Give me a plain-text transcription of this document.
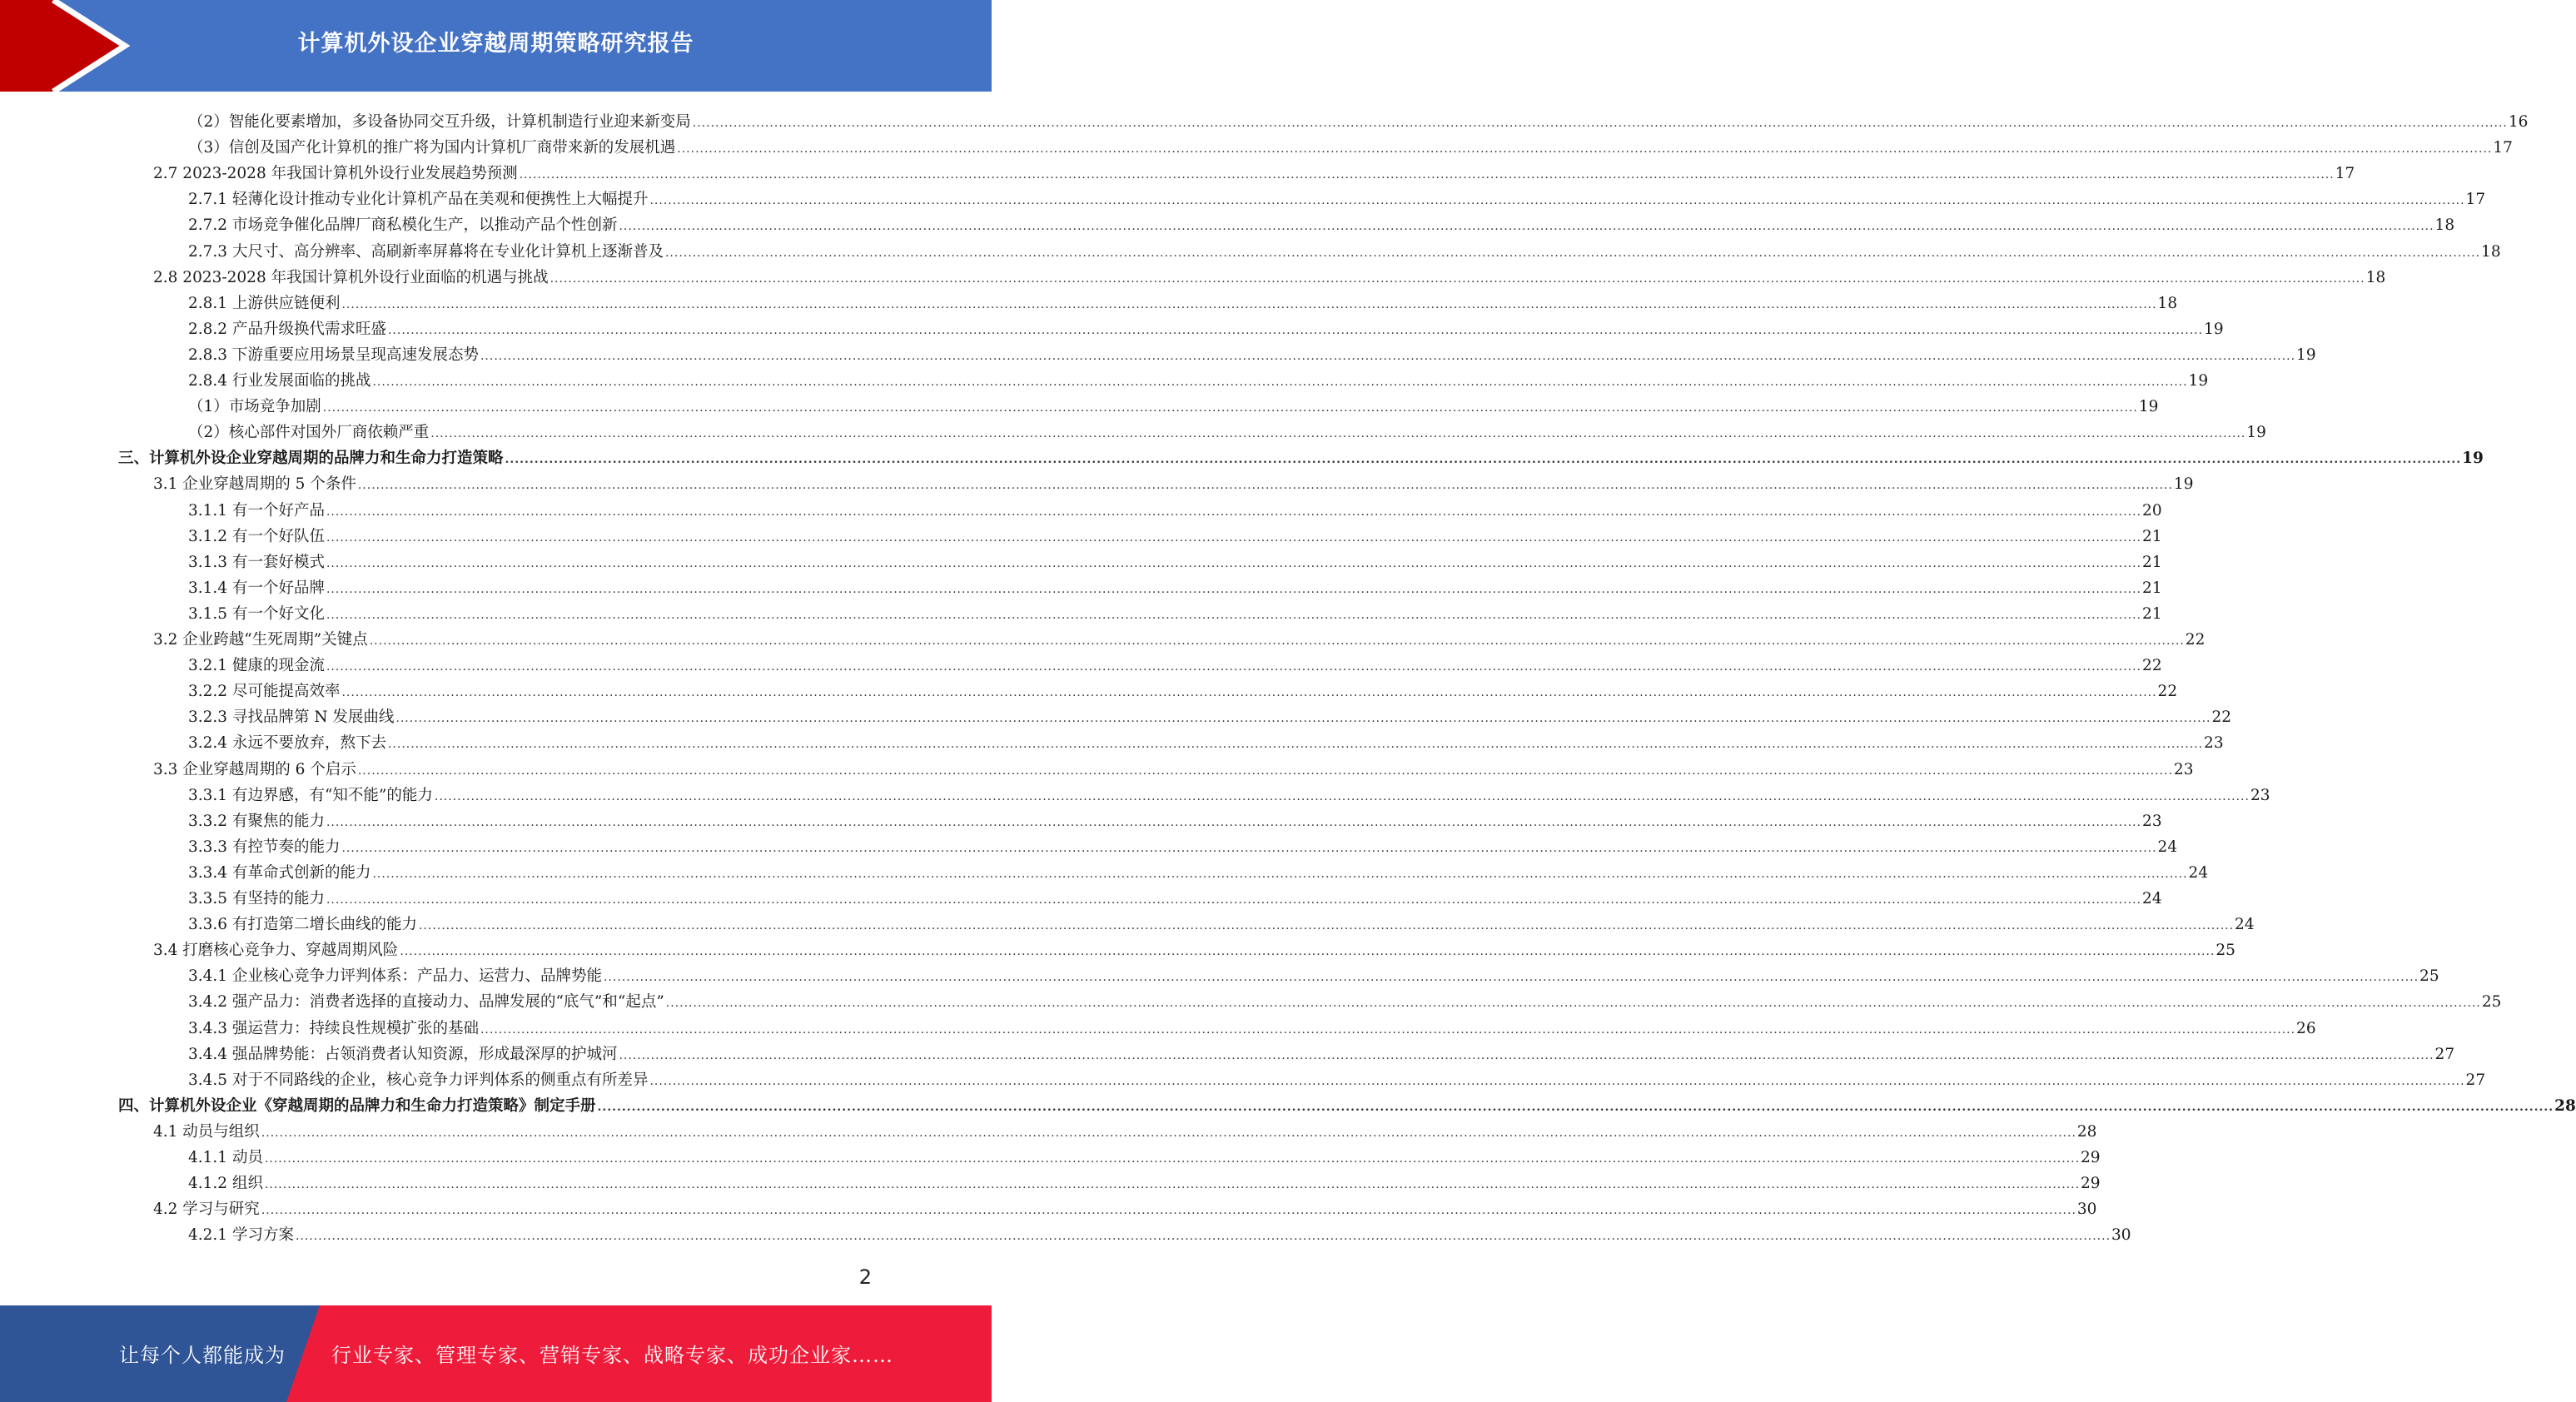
计算机外设企业穿越周期策略研究报告
（2）智能化要素增加，多设备协同交互升级，计算机制造行业迎来新变局 ................................................................................................................................................................................................................................................................................................................................................................................................................ 16
（3）信创及国产化计算机的推广将为国内计算机厂商带来新的发展机遇 ................................................................................................................................................................................................................................................................................................................................................................................................................ 17
2.7 2023-2028 年我国计算机外设行业发展趋势预测 ................................................................................................................................................................................................................................................................................................................................................................................................................ 17
2.7.1 轻薄化设计推动专业化计算机产品在美观和便携性上大幅提升 ................................................................................................................................................................................................................................................................................................................................................................................................................ 17
2.7.2 市场竞争催化品牌厂商私模化生产，以推动产品个性创新 ................................................................................................................................................................................................................................................................................................................................................................................................................ 18
2.7.3 大尺寸、高分辨率、高刷新率屏幕将在专业化计算机上逐渐普及 ................................................................................................................................................................................................................................................................................................................................................................................................................ 18
2.8 2023-2028 年我国计算机外设行业面临的机遇与挑战 ................................................................................................................................................................................................................................................................................................................................................................................................................ 18
2.8.1 上游供应链便利 ................................................................................................................................................................................................................................................................................................................................................................................................................ 18
2.8.2 产品升级换代需求旺盛 ................................................................................................................................................................................................................................................................................................................................................................................................................ 19
2.8.3 下游重要应用场景呈现高速发展态势 ................................................................................................................................................................................................................................................................................................................................................................................................................ 19
2.8.4 行业发展面临的挑战 ................................................................................................................................................................................................................................................................................................................................................................................................................ 19
（1）市场竞争加剧 ................................................................................................................................................................................................................................................................................................................................................................................................................ 19
（2）核心部件对国外厂商依赖严重 ................................................................................................................................................................................................................................................................................................................................................................................................................ 19
三、计算机外设企业穿越周期的品牌力和生命力打造策略 ................................................................................................................................................................................................................................................................................................................................................................................................................ 19
3.1 企业穿越周期的 5 个条件 ................................................................................................................................................................................................................................................................................................................................................................................................................ 19
3.1.1 有一个好产品 ................................................................................................................................................................................................................................................................................................................................................................................................................ 20
3.1.2 有一个好队伍 ................................................................................................................................................................................................................................................................................................................................................................................................................ 21
3.1.3 有一套好模式 ................................................................................................................................................................................................................................................................................................................................................................................................................ 21
3.1.4 有一个好品牌 ................................................................................................................................................................................................................................................................................................................................................................................................................ 21
3.1.5 有一个好文化 ................................................................................................................................................................................................................................................................................................................................................................................................................ 21
3.2 企业跨越“生死周期”关键点 ................................................................................................................................................................................................................................................................................................................................................................................................................ 22
3.2.1 健康的现金流 ................................................................................................................................................................................................................................................................................................................................................................................................................ 22
3.2.2 尽可能提高效率 ................................................................................................................................................................................................................................................................................................................................................................................................................ 22
3.2.3 寻找品牌第 N 发展曲线 ................................................................................................................................................................................................................................................................................................................................................................................................................ 22
3.2.4 永远不要放弃，熬下去 ................................................................................................................................................................................................................................................................................................................................................................................................................ 23
3.3 企业穿越周期的 6 个启示 ................................................................................................................................................................................................................................................................................................................................................................................................................ 23
3.3.1 有边界感，有“知不能”的能力 ................................................................................................................................................................................................................................................................................................................................................................................................................ 23
3.3.2 有聚焦的能力 ................................................................................................................................................................................................................................................................................................................................................................................................................ 23
3.3.3 有控节奏的能力 ................................................................................................................................................................................................................................................................................................................................................................................................................ 24
3.3.4 有革命式创新的能力 ................................................................................................................................................................................................................................................................................................................................................................................................................ 24
3.3.5 有坚持的能力 ................................................................................................................................................................................................................................................................................................................................................................................................................ 24
3.3.6 有打造第二增长曲线的能力 ................................................................................................................................................................................................................................................................................................................................................................................................................ 24
3.4 打磨核心竞争力、穿越周期风险 ................................................................................................................................................................................................................................................................................................................................................................................................................ 25
3.4.1 企业核心竞争力评判体系：产品力、运营力、品牌势能 ................................................................................................................................................................................................................................................................................................................................................................................................................ 25
3.4.2 强产品力：消费者选择的直接动力、品牌发展的“底气”和“起点” ................................................................................................................................................................................................................................................................................................................................................................................................................ 25
3.4.3 强运营力：持续良性规模扩张的基础 ................................................................................................................................................................................................................................................................................................................................................................................................................ 26
3.4.4 强品牌势能：占领消费者认知资源，形成最深厚的护城河 ................................................................................................................................................................................................................................................................................................................................................................................................................ 27
3.4.5 对于不同路线的企业，核心竞争力评判体系的侧重点有所差异 ................................................................................................................................................................................................................................................................................................................................................................................................................ 27
四、计算机外设企业《穿越周期的品牌力和生命力打造策略》制定手册 ................................................................................................................................................................................................................................................................................................................................................................................................................ 28
4.1 动员与组织 ................................................................................................................................................................................................................................................................................................................................................................................................................ 28
4.1.1 动员 ................................................................................................................................................................................................................................................................................................................................................................................................................ 29
4.1.2 组织 ................................................................................................................................................................................................................................................................................................................................................................................................................ 29
4.2 学习与研究 ................................................................................................................................................................................................................................................................................................................................................................................................................ 30
4.2.1 学习方案 ................................................................................................................................................................................................................................................................................................................................................................................................................ 30
2
让每个人都能成为 行业专家、管理专家、营销专家、战略专家、成功企业家……
